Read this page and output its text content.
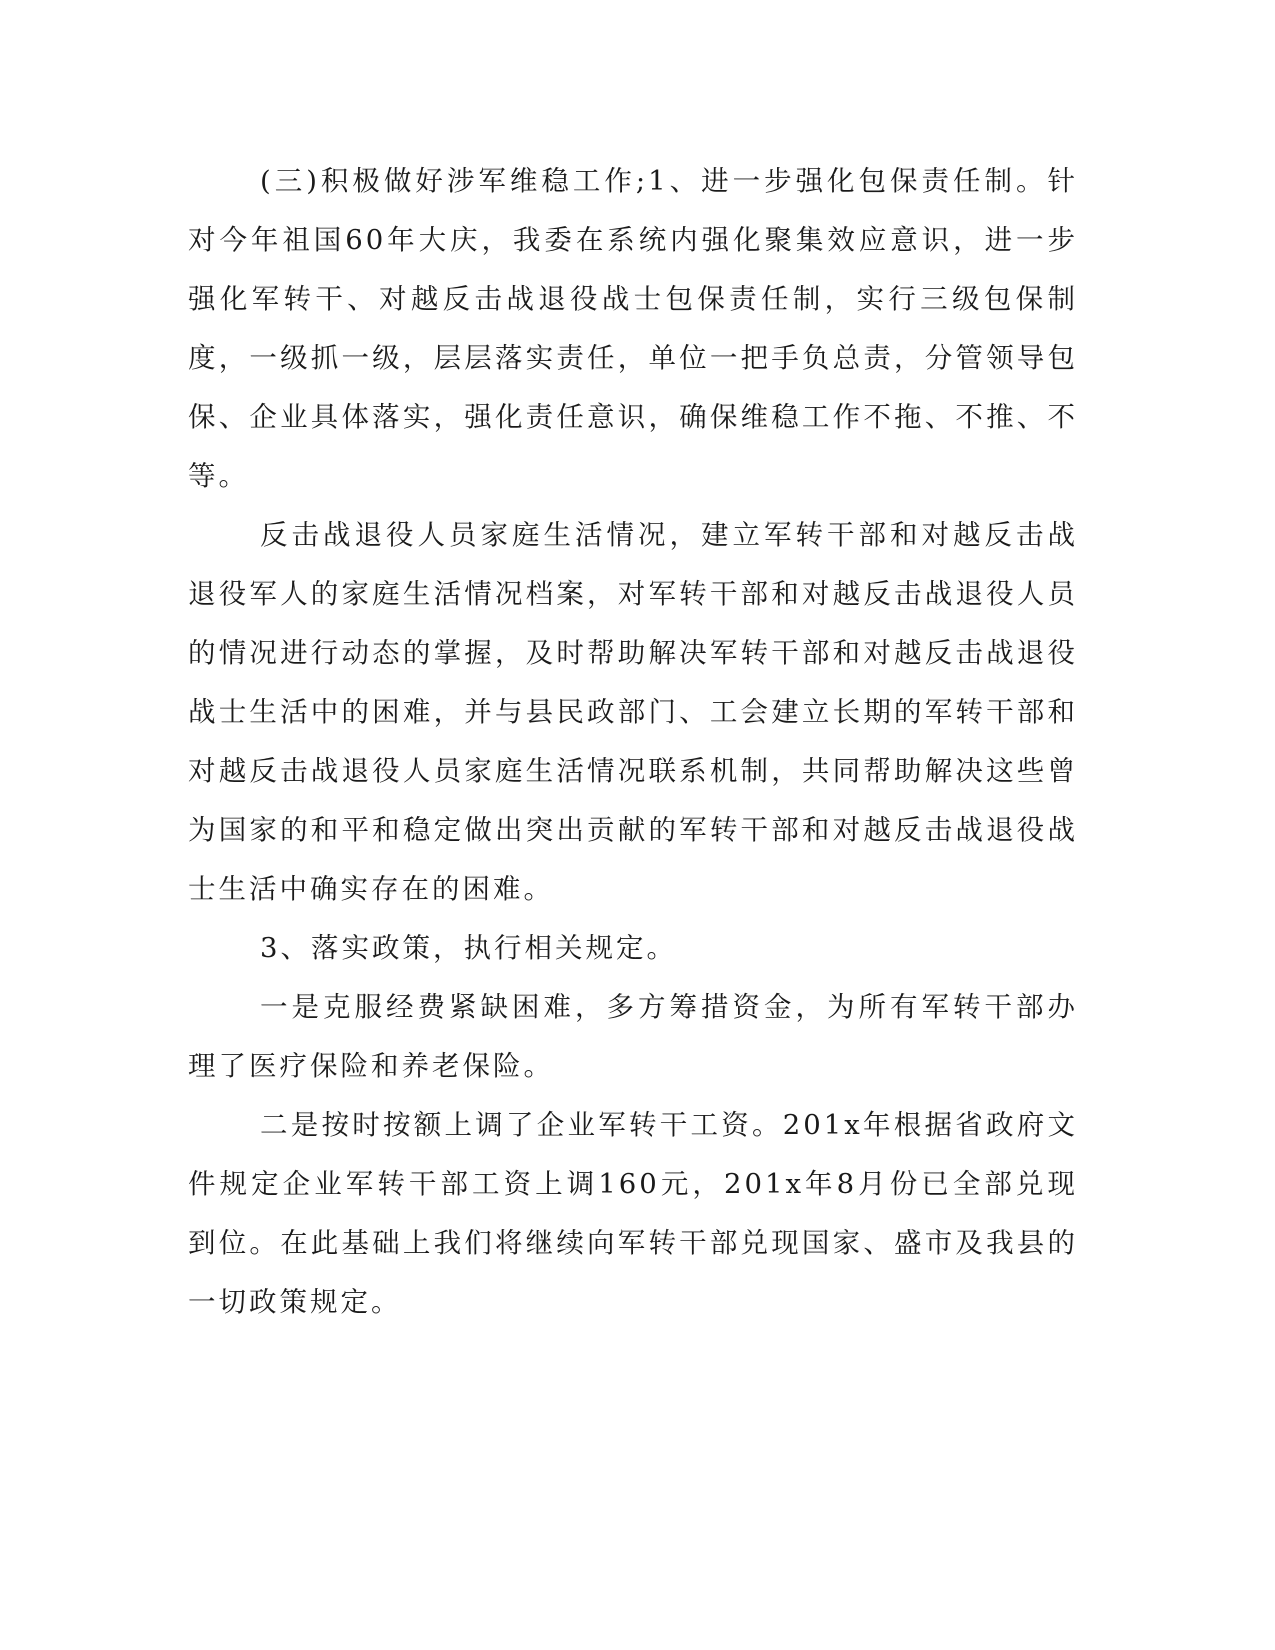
(三)积极做好涉军维稳工作;1、进一步强化包保责任制。针对今年祖国60年大庆，我委在系统内强化聚集效应意识，进一步强化军转干、对越反击战退役战士包保责任制，实行三级包保制度，一级抓一级，层层落实责任，单位一把手负总责，分管领导包保、企业具体落实，强化责任意识，确保维稳工作不拖、不推、不等。

反击战退役人员家庭生活情况，建立军转干部和对越反击战退役军人的家庭生活情况档案，对军转干部和对越反击战退役人员的情况进行动态的掌握，及时帮助解决军转干部和对越反击战退役战士生活中的困难，并与县民政部门、工会建立长期的军转干部和对越反击战退役人员家庭生活情况联系机制，共同帮助解决这些曾为国家的和平和稳定做出突出贡献的军转干部和对越反击战退役战士生活中确实存在的困难。

3、落实政策，执行相关规定。

一是克服经费紧缺困难，多方筹措资金，为所有军转干部办理了医疗保险和养老保险。

二是按时按额上调了企业军转干工资。201x年根据省政府文件规定企业军转干部工资上调160元，201x年8月份已全部兑现到位。在此基础上我们将继续向军转干部兑现国家、盛市及我县的一切政策规定。
